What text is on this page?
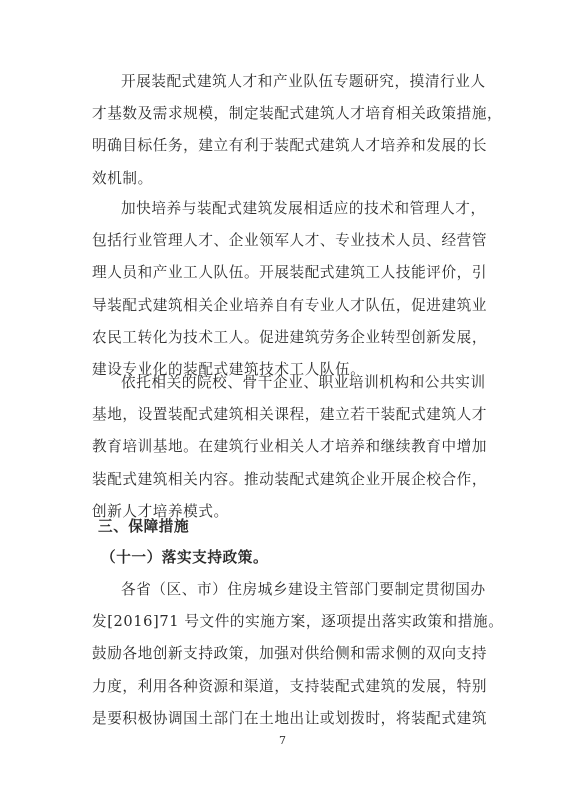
开展装配式建筑人才和产业队伍专题研究，摸清行业人
才基数及需求规模，制定装配式建筑人才培育相关政策措施，
明确目标任务，建立有利于装配式建筑人才培养和发展的长
效机制。

加快培养与装配式建筑发展相适应的技术和管理人才，
包括行业管理人才、企业领军人才、专业技术人员、经营管
理人员和产业工人队伍。开展装配式建筑工人技能评价，引
导装配式建筑相关企业培养自有专业人才队伍，促进建筑业
农民工转化为技术工人。促进建筑劳务企业转型创新发展，
建设专业化的装配式建筑技术工人队伍。

依托相关的院校、骨干企业、职业培训机构和公共实训
基地，设置装配式建筑相关课程，建立若干装配式建筑人才
教育培训基地。在建筑行业相关人才培养和继续教育中增加
装配式建筑相关内容。推动装配式建筑企业开展企校合作，
创新人才培养模式。

三、保障措施
（十一）落实支持政策。

各省（区、市）住房城乡建设主管部门要制定贯彻国办
发[2016]71 号文件的实施方案，逐项提出落实政策和措施。
鼓励各地创新支持政策，加强对供给侧和需求侧的双向支持
力度，利用各种资源和渠道，支持装配式建筑的发展，特别
是要积极协调国土部门在土地出让或划拨时，将装配式建筑

7
